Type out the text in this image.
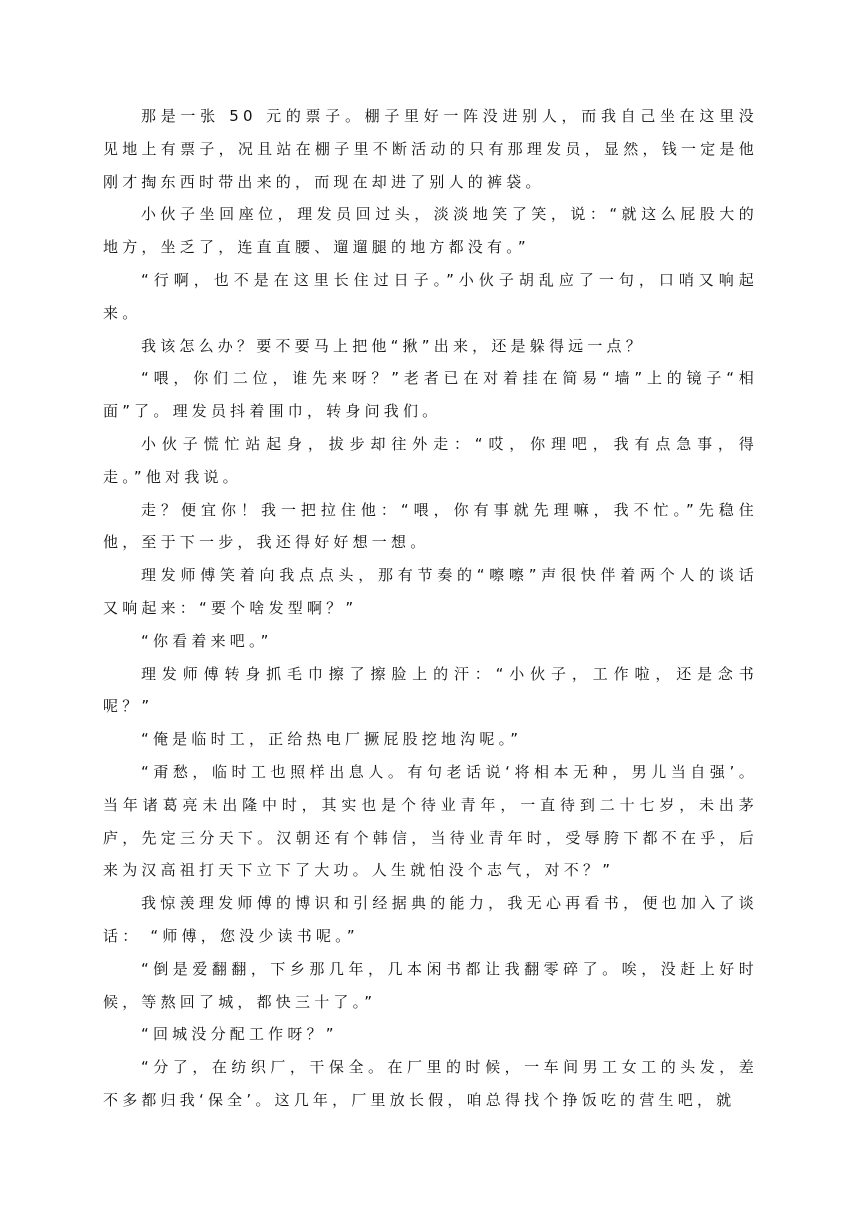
那是一张 50 元的票子。棚子里好一阵没进别人，而我自己坐在这里没见地上有票子，况且站在棚子里不断活动的只有那理发员，显然，钱一定是他刚才掏东西时带出来的，而现在却进了别人的裤袋。

小伙子坐回座位，理发员回过头，淡淡地笑了笑，说：“就这么屁股大的地方，坐乏了，连直直腰、遛遛腿的地方都没有。”

“行啊，也不是在这里长住过日子。”小伙子胡乱应了一句，口哨又响起来。

我该怎么办？要不要马上把他“揪”出来，还是躲得远一点？

“喂，你们二位，谁先来呀？”老者已在对着挂在简易“墙”上的镜子“相面”了。理发员抖着围巾，转身问我们。

小伙子慌忙站起身，拔步却往外走：“哎，你理吧，我有点急事，得走。”他对我说。

走？便宜你！我一把拉住他：“喂，你有事就先理嘛，我不忙。”先稳住他，至于下一步，我还得好好想一想。

理发师傅笑着向我点点头，那有节奏的“嚓嚓”声很快伴着两个人的谈话又响起来：“要个啥发型啊？”

“你看着来吧。”

理发师傅转身抓毛巾擦了擦脸上的汗：“小伙子，工作啦，还是念书呢？”

“俺是临时工，正给热电厂撅屁股挖地沟呢。”

“甭愁，临时工也照样出息人。有句老话说‘将相本无种，男儿当自强’。当年诸葛亮未出隆中时，其实也是个待业青年，一直待到二十七岁，未出茅庐，先定三分天下。汉朝还有个韩信，当待业青年时，受辱胯下都不在乎，后来为汉高祖打天下立下了大功。人生就怕没个志气，对不？”

我惊羡理发师傅的博识和引经据典的能力，我无心再看书，便也加入了谈话： “师傅，您没少读书呢。”

“倒是爱翻翻，下乡那几年，几本闲书都让我翻零碎了。唉，没赶上好时候，等熬回了城，都快三十了。”

“回城没分配工作呀？”

“分了，在纺织厂，干保全。在厂里的时候，一车间男工女工的头发，差不多都归我‘保全’。这几年，厂里放长假，咱总得找个挣饭吃的营生吧，就
